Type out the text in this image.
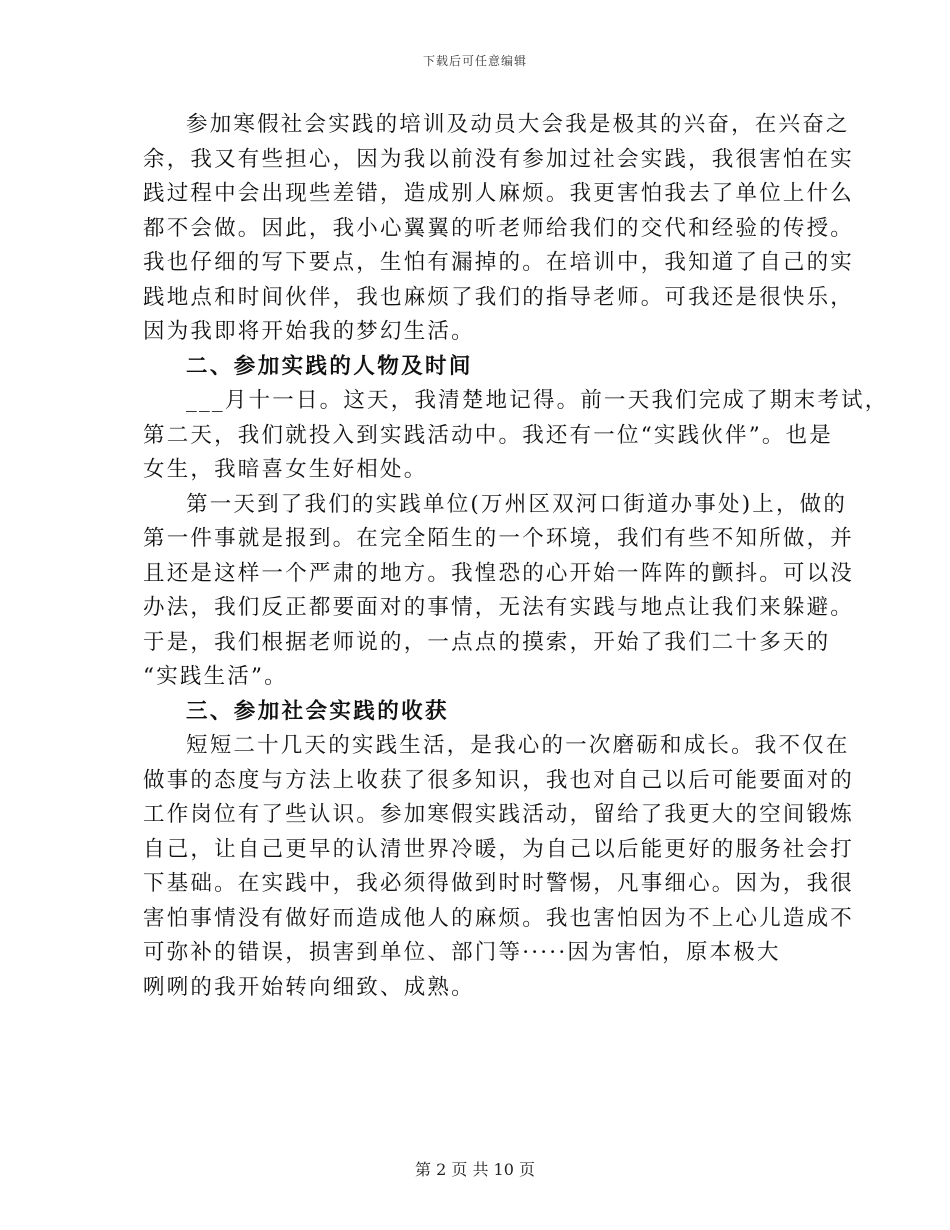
下载后可任意编辑

参加寒假社会实践的培训及动员大会我是极其的兴奋，在兴奋之
余，我又有些担心，因为我以前没有参加过社会实践，我很害怕在实
践过程中会出现些差错，造成别人麻烦。我更害怕我去了单位上什么
都不会做。因此，我小心翼翼的听老师给我们的交代和经验的传授。
我也仔细的写下要点，生怕有漏掉的。在培训中，我知道了自己的实
践地点和时间伙伴，我也麻烦了我们的指导老师。可我还是很快乐，
因为我即将开始我的梦幻生活。

二、参加实践的人物及时间

___月十一日。这天，我清楚地记得。前一天我们完成了期末考试，
第二天，我们就投入到实践活动中。我还有一位“实践伙伴”。也是
女生，我暗喜女生好相处。

第一天到了我们的实践单位(万州区双河口街道办事处)上，做的
第一件事就是报到。在完全陌生的一个环境，我们有些不知所做，并
且还是这样一个严肃的地方。我惶恐的心开始一阵阵的颤抖。可以没
办法，我们反正都要面对的事情，无法有实践与地点让我们来躲避。
于是，我们根据老师说的，一点点的摸索，开始了我们二十多天的
“实践生活”。

三、参加社会实践的收获

短短二十几天的实践生活，是我心的一次磨砺和成长。我不仅在
做事的态度与方法上收获了很多知识，我也对自己以后可能要面对的
工作岗位有了些认识。参加寒假实践活动，留给了我更大的空间锻炼
自己，让自己更早的认清世界冷暖，为自己以后能更好的服务社会打
下基础。在实践中，我必须得做到时时警惕，凡事细心。因为，我很
害怕事情没有做好而造成他人的麻烦。我也害怕因为不上心儿造成不
可弥补的错误，损害到单位、部门等·····因为害怕，原本极大
咧咧的我开始转向细致、成熟。

第 2 页 共 10 页
